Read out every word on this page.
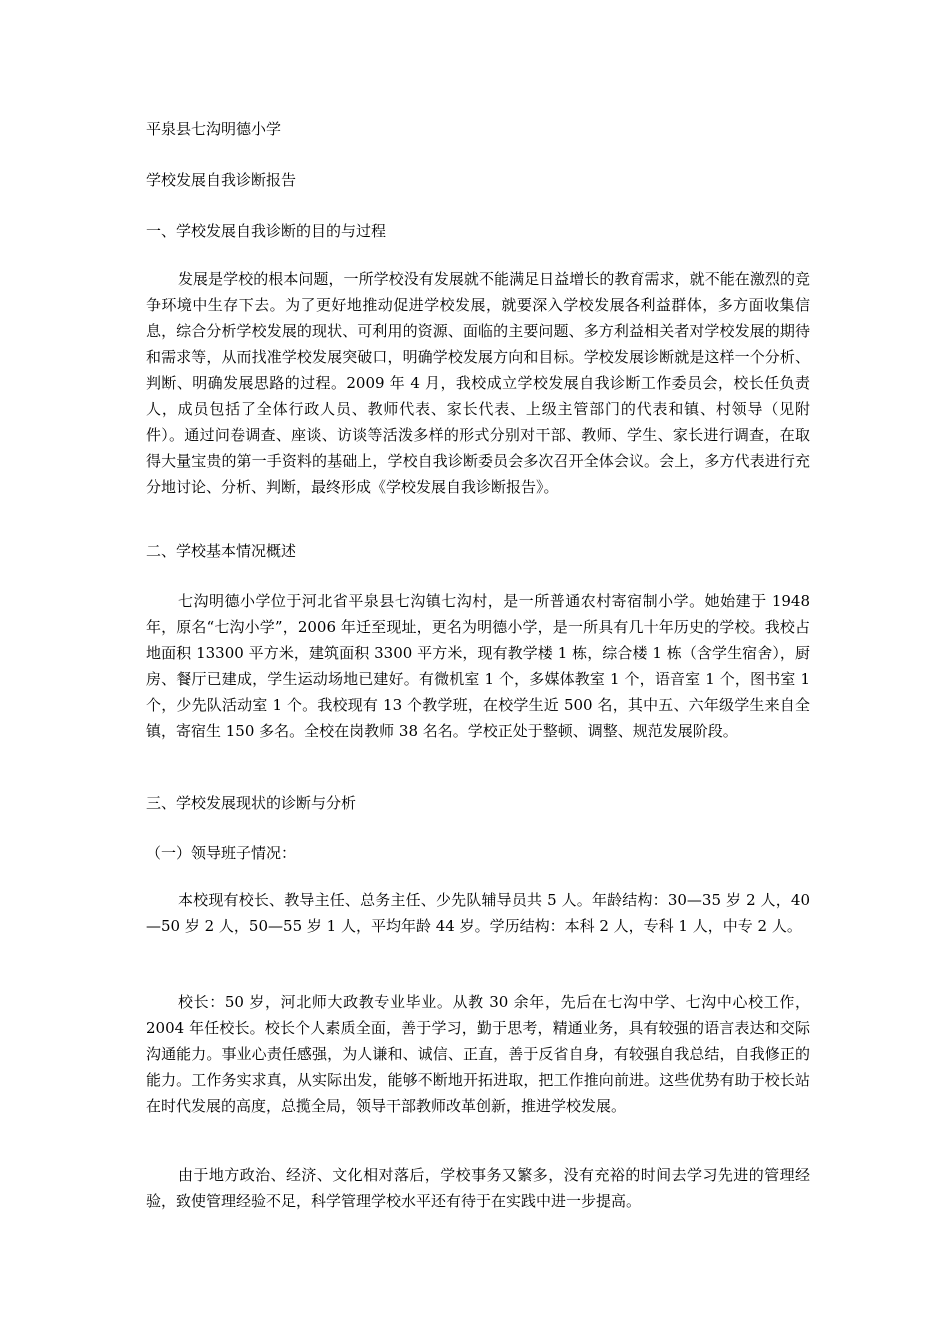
平泉县七沟明德小学
学校发展自我诊断报告
一、学校发展自我诊断的目的与过程
发展是学校的根本问题，一所学校没有发展就不能满足日益增长的教育需求，就不能在激烈的竞争环境中生存下去。为了更好地推动促进学校发展，就要深入学校发展各利益群体，多方面收集信息，综合分析学校发展的现状、可利用的资源、面临的主要问题、多方利益相关者对学校发展的期待和需求等，从而找准学校发展突破口，明确学校发展方向和目标。学校发展诊断就是这样一个分析、判断、明确发展思路的过程。2009 年 4 月，我校成立学校发展自我诊断工作委员会，校长任负责人，成员包括了全体行政人员、教师代表、家长代表、上级主管部门的代表和镇、村领导（见附件）。通过问卷调查、座谈、访谈等活泼多样的形式分别对干部、教师、学生、家长进行调查，在取得大量宝贵的第一手资料的基础上，学校自我诊断委员会多次召开全体会议。会上，多方代表进行充分地讨论、分析、判断，最终形成《学校发展自我诊断报告》。
二、学校基本情况概述
七沟明德小学位于河北省平泉县七沟镇七沟村，是一所普通农村寄宿制小学。她始建于 1948 年，原名“七沟小学”，2006 年迁至现址，更名为明德小学，是一所具有几十年历史的学校。我校占地面积 13300 平方米，建筑面积 3300 平方米，现有教学楼 1 栋，综合楼 1 栋（含学生宿舍），厨房、餐厅已建成，学生运动场地已建好。有微机室 1 个，多媒体教室 1 个，语音室 1 个，图书室 1 个，少先队活动室 1 个。我校现有 13 个教学班，在校学生近 500 名，其中五、六年级学生来自全镇，寄宿生 150 多名。全校在岗教师 38 名名。学校正处于整顿、调整、规范发展阶段。
三、学校发展现状的诊断与分析
（一）领导班子情况：
本校现有校长、教导主任、总务主任、少先队辅导员共 5 人。年龄结构：30—35 岁 2 人，40—50 岁 2 人，50—55 岁 1 人，平均年龄 44 岁。学历结构：本科 2 人，专科 1 人，中专 2 人。
校长：50 岁，河北师大政教专业毕业。从教 30 余年，先后在七沟中学、七沟中心校工作，2004 年任校长。校长个人素质全面，善于学习，勤于思考，精通业务，具有较强的语言表达和交际沟通能力。事业心责任感强，为人谦和、诚信、正直，善于反省自身，有较强自我总结，自我修正的能力。工作务实求真，从实际出发，能够不断地开拓进取，把工作推向前进。这些优势有助于校长站在时代发展的高度，总揽全局，领导干部教师改革创新，推进学校发展。
由于地方政治、经济、文化相对落后，学校事务又繁多，没有充裕的时间去学习先进的管理经验，致使管理经验不足，科学管理学校水平还有待于在实践中进一步提高。
